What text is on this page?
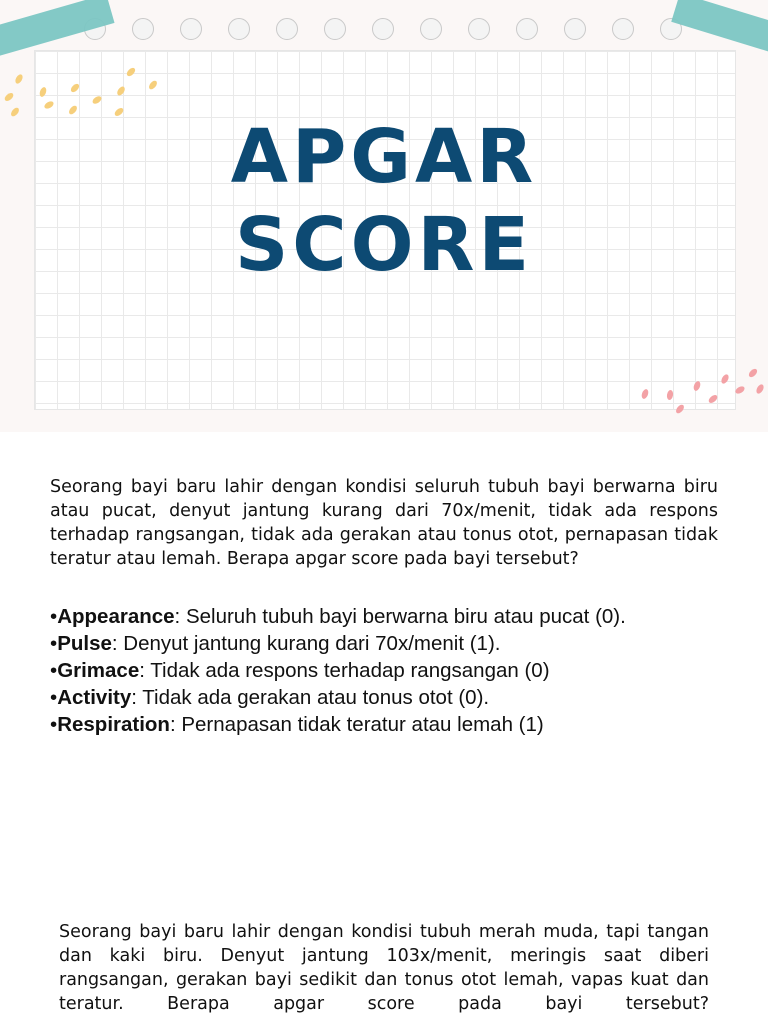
APGAR
SCORE
Seorang bayi baru lahir dengan kondisi seluruh tubuh bayi berwarna biru atau pucat, denyut jantung kurang dari 70x/menit, tidak ada respons terhadap rangsangan, tidak ada gerakan atau tonus otot, pernapasan tidak teratur atau lemah. Berapa apgar score pada bayi tersebut?
•Appearance: Seluruh tubuh bayi berwarna biru atau pucat (0).
•Pulse: Denyut jantung kurang dari 70x/menit (1).
•Grimace: Tidak ada respons terhadap rangsangan (0)
•Activity: Tidak ada gerakan atau tonus otot (0).
•Respiration: Pernapasan tidak teratur atau lemah (1)
Seorang bayi baru lahir dengan kondisi tubuh merah muda, tapi tangan dan kaki biru. Denyut jantung 103x/menit, meringis saat diberi rangsangan, gerakan bayi sedikit dan tonus otot lemah, vapas kuat dan teratur. Berapa apgar score pada bayi tersebut?
